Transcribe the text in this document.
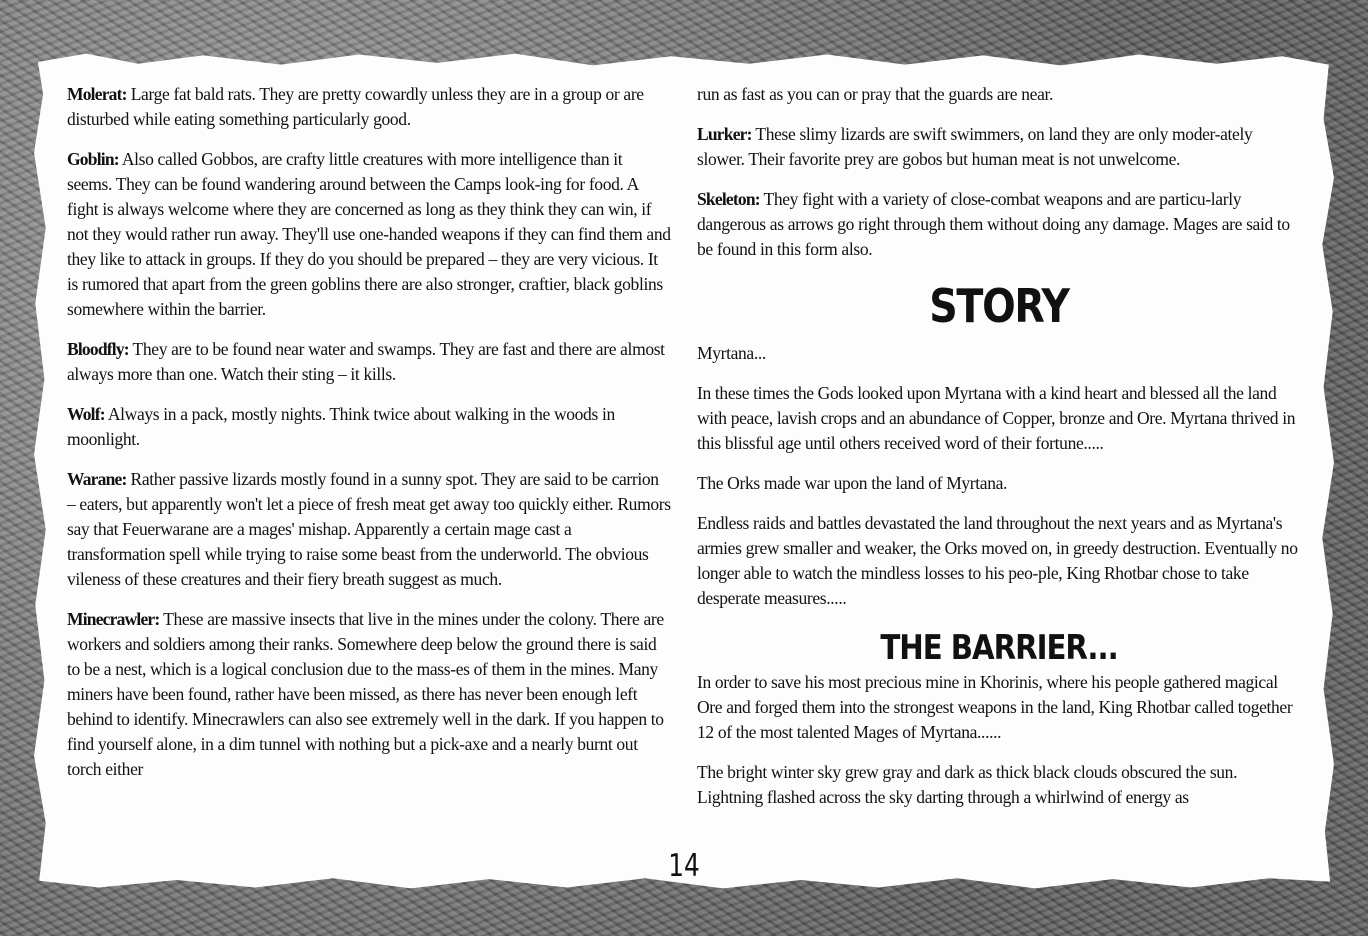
Molerat: Large fat bald rats. They are pretty cowardly unless they are in a group or are disturbed while eating something particularly good.

Goblin: Also called Gobbos, are crafty little creatures with more intelligence than it seems. They can be found wandering around between the Camps look-ing for food. A fight is always welcome where they are concerned as long as they think they can win, if not they would rather run away. They'll use one-handed weapons if they can find them and they like to attack in groups. If they do you should be prepared – they are very vicious. It is rumored that apart from the green goblins there are also stronger, craftier, black goblins somewhere within the barrier.

Bloodfly: They are to be found near water and swamps. They are fast and there are almost always more than one. Watch their sting – it kills.

Wolf: Always in a pack, mostly nights. Think twice about walking in the woods in moonlight.

Warane: Rather passive lizards mostly found in a sunny spot. They are said to be carrion – eaters, but apparently won't let a piece of fresh meat get away too quickly either. Rumors say that Feuerwarane are a mages' mishap. Apparently a certain mage cast a transformation spell while trying to raise some beast from the underworld. The obvious vileness of these creatures and their fiery breath suggest as much.

Minecrawler: These are massive insects that live in the mines under the colony. There are workers and soldiers among their ranks. Somewhere deep below the ground there is said to be a nest, which is a logical conclusion due to the mass-es of them in the mines. Many miners have been found, rather have been missed, as there has never been enough left behind to identify. Minecrawlers can also see extremely well in the dark. If you happen to find yourself alone, in a dim tunnel with nothing but a pick-axe and a nearly burnt out torch either

run as fast as you can or pray that the guards are near.

Lurker: These slimy lizards are swift swimmers, on land they are only moder-ately slower. Their favorite prey are gobos but human meat is not unwelcome.

Skeleton: They fight with a variety of close-combat weapons and are particu-larly dangerous as arrows go right through them without doing any damage. Mages are said to be found in this form also.

STORY

Myrtana...

In these times the Gods looked upon Myrtana with a kind heart and blessed all the land with peace, lavish crops and an abundance of Copper, bronze and Ore. Myrtana thrived in this blissful age until others received word of their fortune.....

The Orks made war upon the land of Myrtana.

Endless raids and battles devastated the land throughout the next years and as Myrtana's armies grew smaller and weaker, the Orks moved on, in greedy destruction. Eventually no longer able to watch the mindless losses to his peo-ple, King Rhotbar chose to take desperate measures.....

THE BARRIER...

In order to save his most precious mine in Khorinis, where his people gathered magical Ore and forged them into the strongest weapons in the land, King Rhotbar called together 12 of the most talented Mages of Myrtana......

The bright winter sky grew gray and dark as thick black clouds obscured the sun. Lightning flashed across the sky darting through a whirlwind of energy as

14
